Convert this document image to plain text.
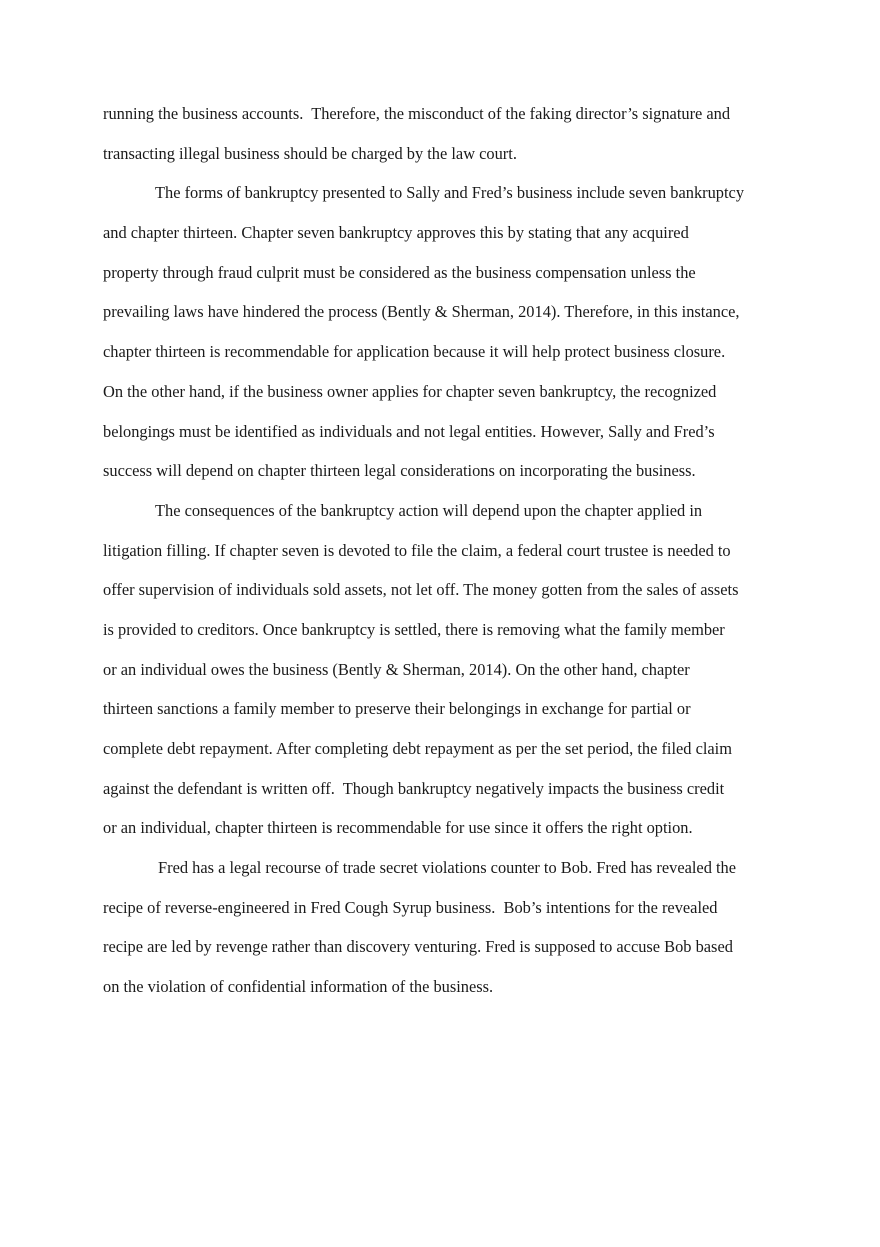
running the business accounts.  Therefore, the misconduct of the faking director’s signature and
transacting illegal business should be charged by the law court.
The forms of bankruptcy presented to Sally and Fred’s business include seven bankruptcy
and chapter thirteen. Chapter seven bankruptcy approves this by stating that any acquired
property through fraud culprit must be considered as the business compensation unless the
prevailing laws have hindered the process (Bently & Sherman, 2014). Therefore, in this instance,
chapter thirteen is recommendable for application because it will help protect business closure.
On the other hand, if the business owner applies for chapter seven bankruptcy, the recognized
belongings must be identified as individuals and not legal entities. However, Sally and Fred’s
success will depend on chapter thirteen legal considerations on incorporating the business.
The consequences of the bankruptcy action will depend upon the chapter applied in
litigation filling. If chapter seven is devoted to file the claim, a federal court trustee is needed to
offer supervision of individuals sold assets, not let off. The money gotten from the sales of assets
is provided to creditors. Once bankruptcy is settled, there is removing what the family member
or an individual owes the business (Bently & Sherman, 2014). On the other hand, chapter
thirteen sanctions a family member to preserve their belongings in exchange for partial or
complete debt repayment. After completing debt repayment as per the set period, the filed claim
against the defendant is written off.  Though bankruptcy negatively impacts the business credit
or an individual, chapter thirteen is recommendable for use since it offers the right option.
Fred has a legal recourse of trade secret violations counter to Bob. Fred has revealed the
recipe of reverse-engineered in Fred Cough Syrup business.  Bob’s intentions for the revealed
recipe are led by revenge rather than discovery venturing. Fred is supposed to accuse Bob based
on the violation of confidential information of the business.
